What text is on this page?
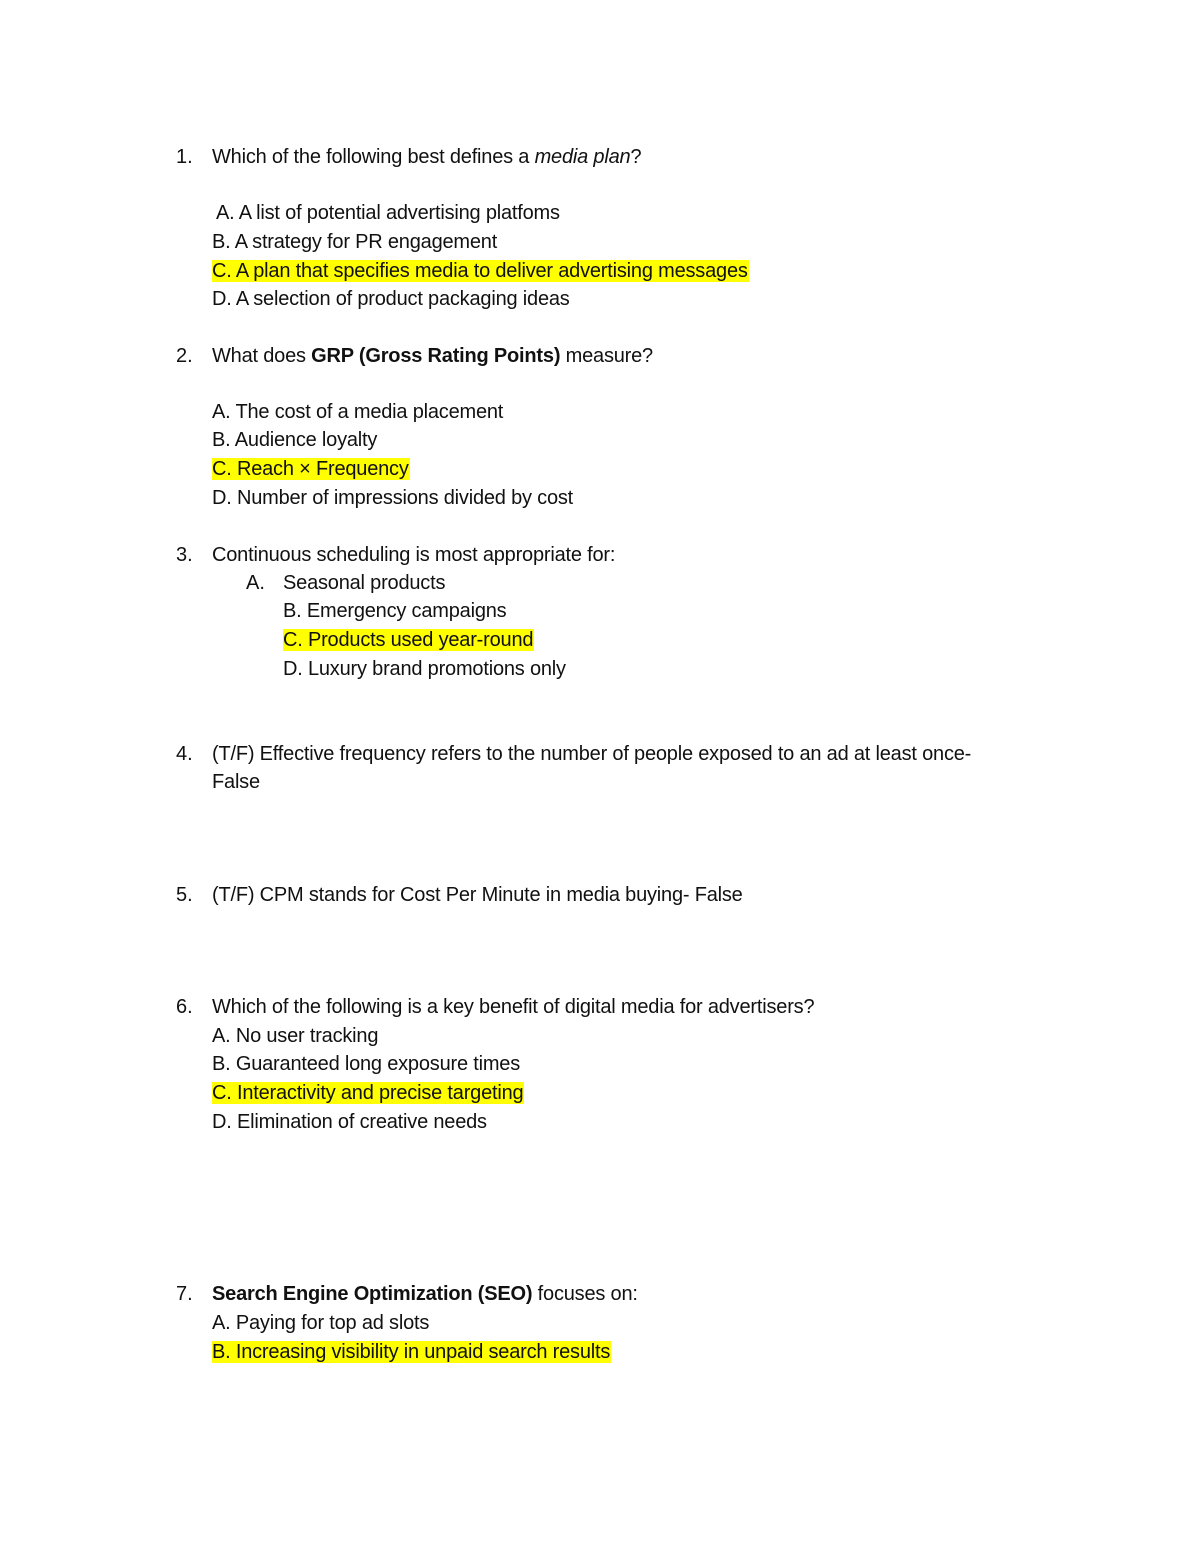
1. Which of the following best defines a media plan?
A. A list of potential advertising platfoms
B. A strategy for PR engagement
C. A plan that specifies media to deliver advertising messages
D. A selection of product packaging ideas
2. What does GRP (Gross Rating Points) measure?
A. The cost of a media placement
B. Audience loyalty
C. Reach × Frequency
D. Number of impressions divided by cost
3. Continuous scheduling is most appropriate for:
A. Seasonal products
B. Emergency campaigns
C. Products used year-round
D. Luxury brand promotions only
4. (T/F) Effective frequency refers to the number of people exposed to an ad at least once-
False
5. (T/F) CPM stands for Cost Per Minute in media buying- False
6. Which of the following is a key benefit of digital media for advertisers?
A. No user tracking
B. Guaranteed long exposure times
C. Interactivity and precise targeting
D. Elimination of creative needs
7. Search Engine Optimization (SEO) focuses on:
A. Paying for top ad slots
B. Increasing visibility in unpaid search results
